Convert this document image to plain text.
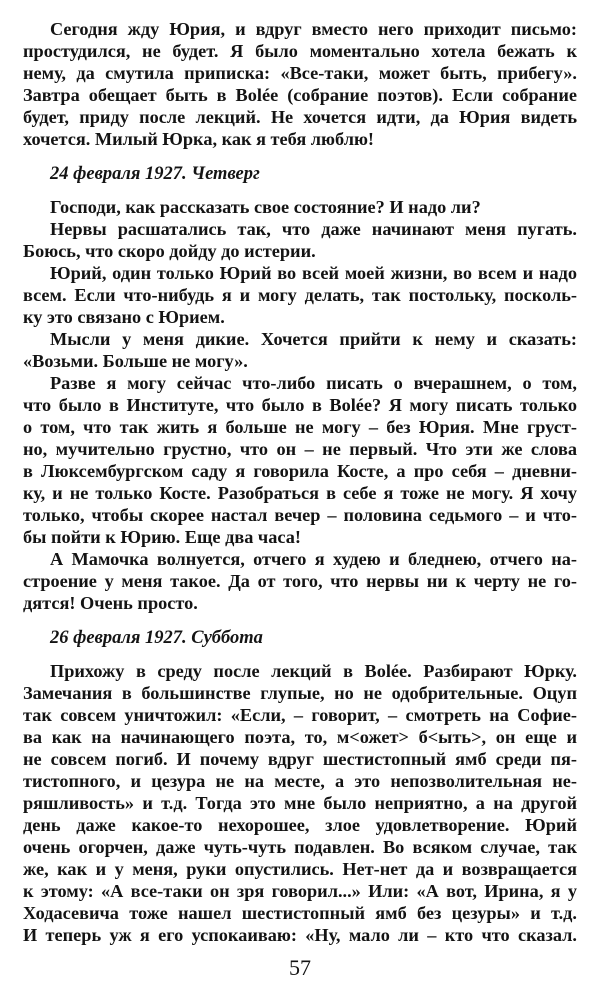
Сегодня жду Юрия, и вдруг вместо него приходит письмо:
простудился, не будет. Я было моментально хотела бежать к
нему, да смутила приписка: «Все-таки, может быть, прибегу».
Завтра обещает быть в Bolée (собрание поэтов). Если собрание
будет, приду после лекций. Не хочется идти, да Юрия видеть
хочется. Милый Юрка, как я тебя люблю!
24 февраля 1927. Четверг
Господи, как рассказать свое состояние? И надо ли?
Нервы расшатались так, что даже начинают меня пугать.
Боюсь, что скоро дойду до истерии.
Юрий, один только Юрий во всей моей жизни, во всем и надо
всем. Если что-нибудь я и могу делать, так постольку, посколь-
ку это связано с Юрием.
Мысли у меня дикие. Хочется прийти к нему и сказать:
«Возьми. Больше не могу».
Разве я могу сейчас что-либо писать о вчерашнем, о том,
что было в Институте, что было в Bolée? Я могу писать только
о том, что так жить я больше не могу – без Юрия. Мне груст-
но, мучительно грустно, что он – не первый. Что эти же слова
в Люксембургском саду я говорила Косте, а про себя – дневни-
ку, и не только Косте. Разобраться в себе я тоже не могу. Я хочу
только, чтобы скорее настал вечер – половина седьмого – и что-
бы пойти к Юрию. Еще два часа!
А Мамочка волнуется, отчего я худею и бледнею, отчего на-
строение у меня такое. Да от того, что нервы ни к черту не го-
дятся! Очень просто.
26 февраля 1927. Суббота
Прихожу в среду после лекций в Bolée. Разбирают Юрку.
Замечания в большинстве глупые, но не одобрительные. Оцуп
так совсем уничтожил: «Если, – говорит, – смотреть на Софие-
ва как на начинающего поэта, то, м<ожет> б<ыть>, он еще и
не совсем погиб. И почему вдруг шестистопный ямб среди пя-
тистопного, и цезура не на месте, а это непозволительная не-
ряшливость» и т.д. Тогда это мне было неприятно, а на другой
день даже какое-то нехорошее, злое удовлетворение. Юрий
очень огорчен, даже чуть-чуть подавлен. Во всяком случае, так
же, как и у меня, руки опустились. Нет-нет да и возвращается
к этому: «А все-таки он зря говорил...» Или: «А вот, Ирина, я у
Ходасевича тоже нашел шестистопный ямб без цезуры» и т.д.
И теперь уж я его успокаиваю: «Ну, мало ли – кто что сказал.
57
